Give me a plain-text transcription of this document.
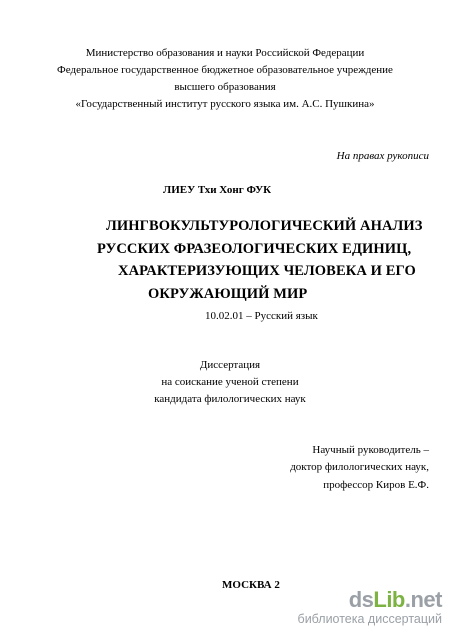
Министерство образования и науки Российской Федерации
Федеральное государственное бюджетное образовательное учреждение
высшего образования
«Государственный институт русского языка им. А.С. Пушкина»
На правах рукописи
ЛИЕУ Тхи Хонг ФУК
ЛИНГВОКУЛЬТУРОЛОГИЧЕСКИЙ АНАЛИЗ
РУССКИХ ФРАЗЕОЛОГИЧЕСКИХ ЕДИНИЦ,
ХАРАКТЕРИЗУЮЩИХ ЧЕЛОВЕКА И ЕГО
ОКРУЖАЮЩИЙ МИР
10.02.01 – Русский язык
Диссертация
на соискание ученой степени
кандидата филологических наук
Научный руководитель –
доктор филологических наук,
профессор Киров Е.Ф.
МОСКВА 2
dsLib.net
библиотека диссертаций
